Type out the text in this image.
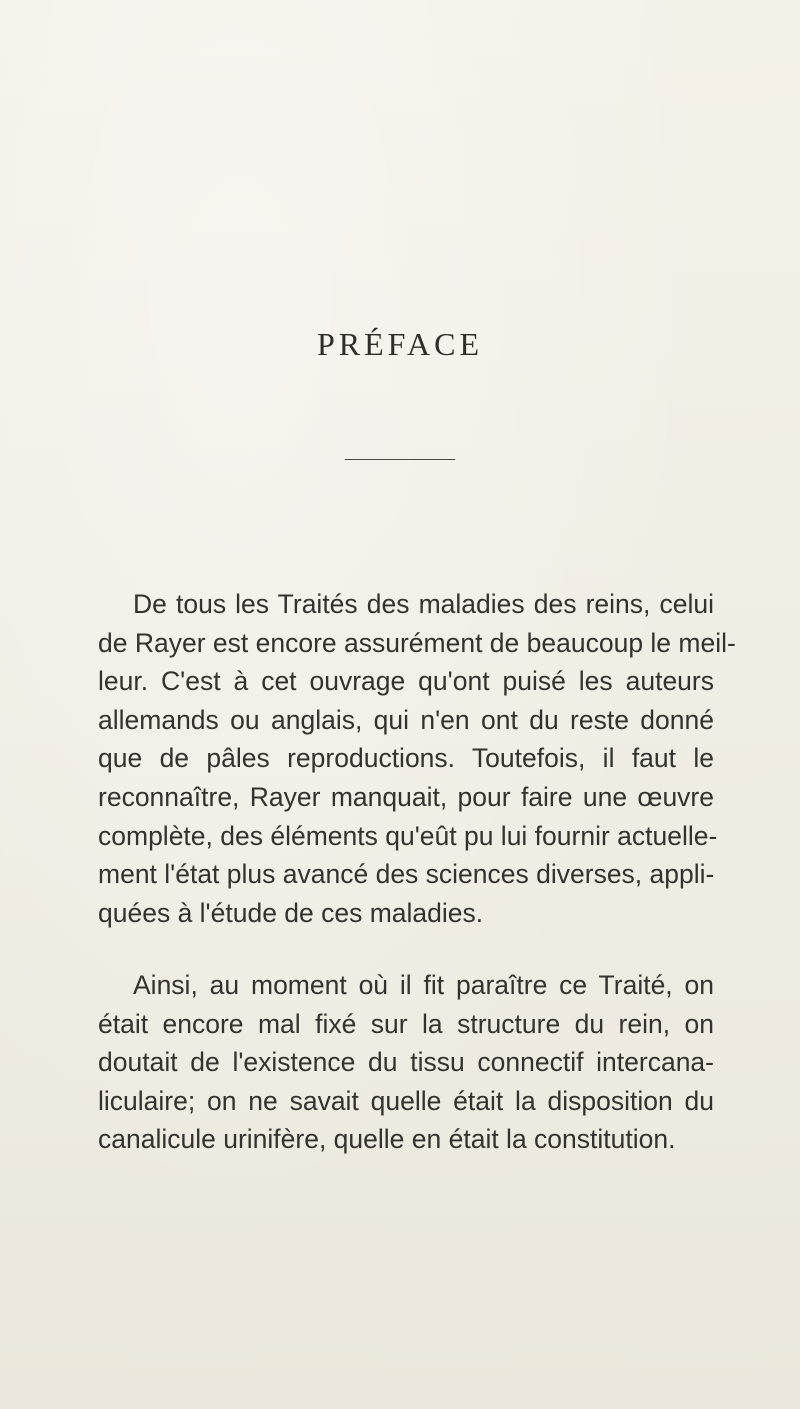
PRÉFACE

De tous les Traités des maladies des reins, celui
de Rayer est encore assurément de beaucoup le meil-
leur. C'est à cet ouvrage qu'ont puisé les auteurs
allemands ou anglais, qui n'en ont du reste donné
que de pâles reproductions. Toutefois, il faut le
reconnaître, Rayer manquait, pour faire une œuvre
complète, des éléments qu'eût pu lui fournir actuelle-
ment l'état plus avancé des sciences diverses, appli-
quées à l'étude de ces maladies.

Ainsi, au moment où il fit paraître ce Traité, on
était encore mal fixé sur la structure du rein, on
doutait de l'existence du tissu connectif intercana-
liculaire; on ne savait quelle était la disposition du
canalicule urinifère, quelle en était la constitution.
